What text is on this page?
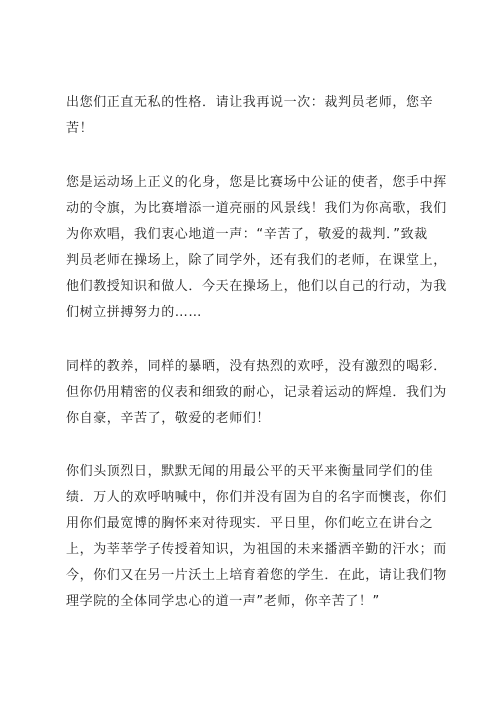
出您们正直无私的性格．请让我再说一次：裁判员老师，您辛

苦！

您是运动场上正义的化身，您是比赛场中公证的使者，您手中挥

动的令旗，为比赛增添一道亮丽的风景线！我们为你高歌，我们

为你欢唱，我们衷心地道一声：“辛苦了，敬爱的裁判．”致裁

判员老师在操场上，除了同学外，还有我们的老师，在课堂上，

他们教授知识和做人．今天在操场上，他们以自己的行动，为我

们树立拼搏努力的……

同样的教养，同样的暴晒，没有热烈的欢呼，没有激烈的喝彩．

但你仍用精密的仪表和细致的耐心，记录着运动的辉煌．我们为

你自豪，辛苦了，敬爱的老师们！

你们头顶烈日，默默无闻的用最公平的天平来衡量同学们的佳

绩．万人的欢呼呐喊中，你们并没有固为自的名字而懊丧，你们

用你们最宽博的胸怀来对待现实．平日里，你们屹立在讲台之

上，为莘莘学子传授着知识，为祖国的未来播洒辛勤的汗水；而

今，你们又在另一片沃土上培育着您的学生．在此，请让我们物

理学院的全体同学忠心的道一声”老师，你辛苦了！”
